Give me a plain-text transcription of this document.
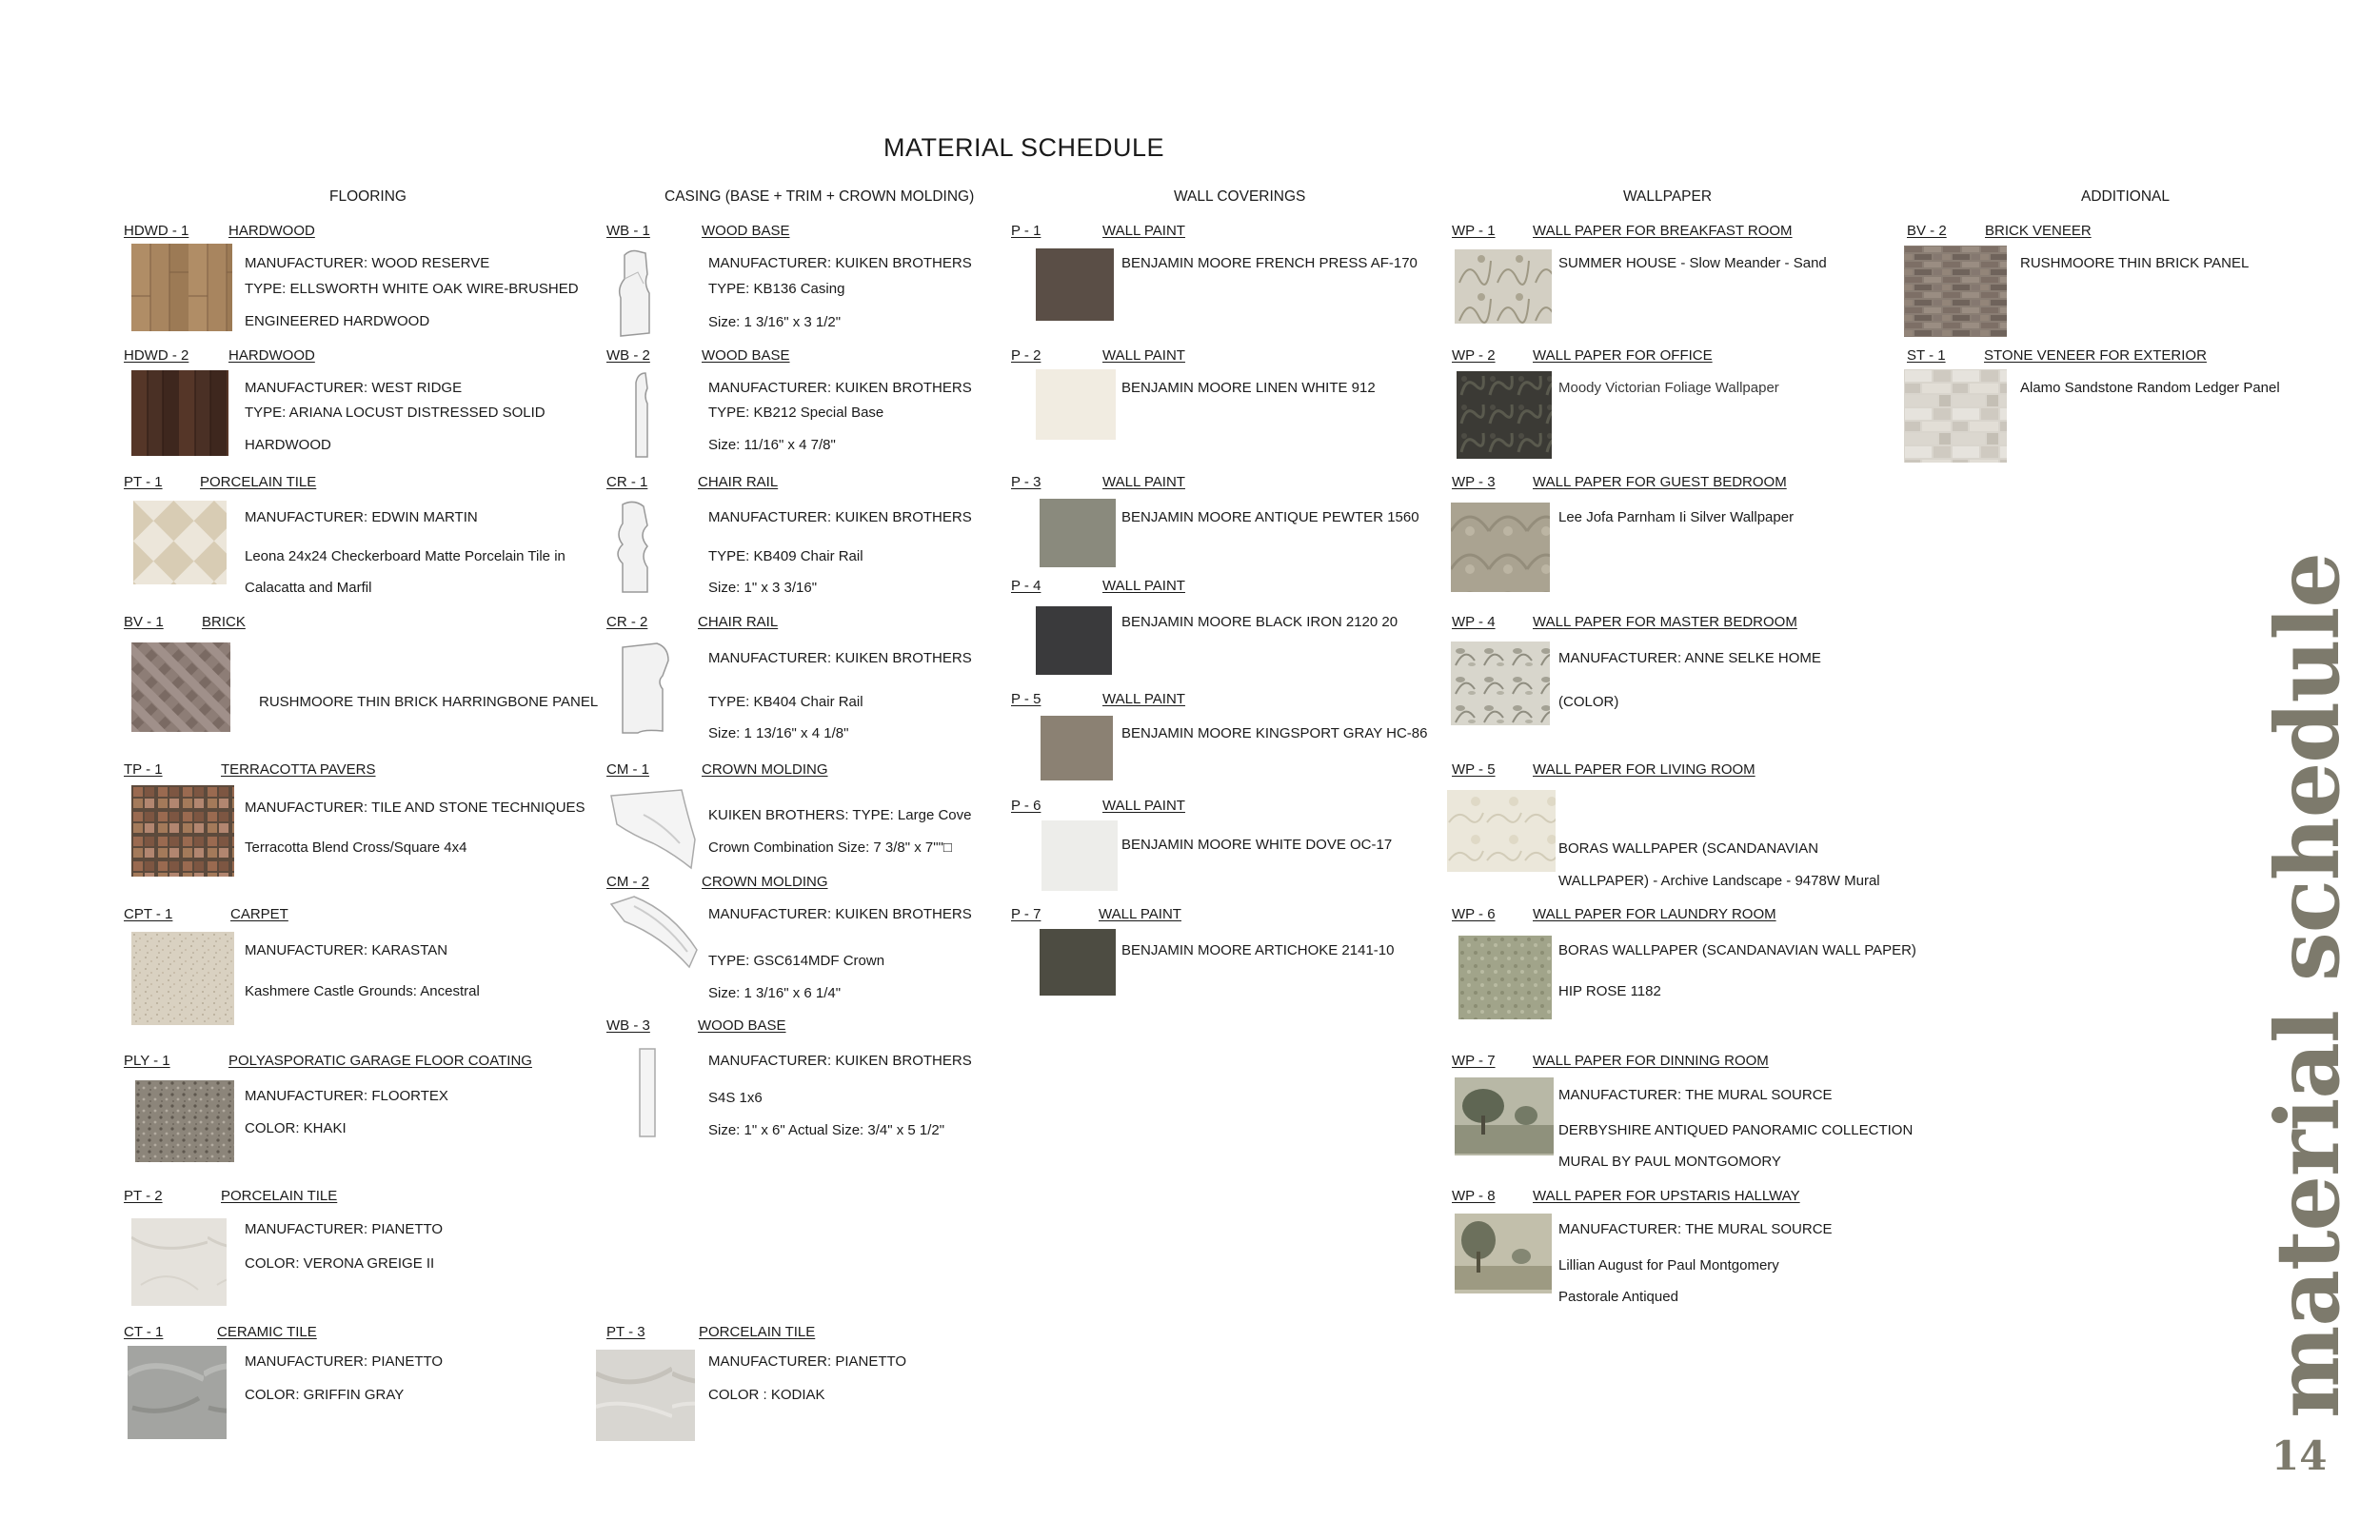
MATERIAL SCHEDULE
FLOORING	CASING (BASE + TRIM + CROWN MOLDING)	WALL COVERINGS	WALLPAPER	ADDITIONAL
HDWD - 1	HARDWOOD
MANUFACTURER: WOOD RESERVE
TYPE: ELLSWORTH WHITE OAK WIRE-BRUSHED
ENGINEERED HARDWOOD
HDWD - 2	HARDWOOD
MANUFACTURER: WEST RIDGE
TYPE: ARIANA LOCUST DISTRESSED SOLID
HARDWOOD
PT - 1	PORCELAIN TILE
MANUFACTURER: EDWIN MARTIN
Leona 24x24 Checkerboard Matte Porcelain Tile in
Calacatta and Marfil
BV - 1	BRICK
RUSHMOORE THIN BRICK HARRINGBONE PANEL
TP - 1	TERRACOTTA PAVERS
MANUFACTURER: TILE AND STONE TECHNIQUES
Terracotta Blend Cross/Square 4x4
CPT - 1	CARPET
MANUFACTURER: KARASTAN
Kashmere Castle Grounds: Ancestral
PLY - 1	POLYASPORATIC GARAGE FLOOR COATING
MANUFACTURER: FLOORTEX
COLOR: KHAKI
PT - 2	PORCELAIN TILE
MANUFACTURER: PIANETTO
COLOR: VERONA GREIGE II
CT - 1	CERAMIC TILE
MANUFACTURER: PIANETTO
COLOR: GRIFFIN GRAY
WB - 1	WOOD BASE
MANUFACTURER: KUIKEN BROTHERS
TYPE: KB136 Casing
Size: 1 3/16" x 3 1/2"
WB - 2	WOOD BASE
MANUFACTURER: KUIKEN BROTHERS
TYPE: KB212 Special Base
Size: 11/16" x 4 7/8"
CR - 1	CHAIR RAIL
MANUFACTURER: KUIKEN BROTHERS
TYPE: KB409 Chair Rail
Size: 1" x 3 3/16"
CR - 2	CHAIR RAIL
MANUFACTURER: KUIKEN BROTHERS
TYPE: KB404 Chair Rail
Size: 1 13/16" x 4 1/8"
CM - 1	CROWN MOLDING
KUIKEN BROTHERS: TYPE: Large Cove
Crown Combination Size: 7 3/8" x 7""□
CM - 2	CROWN MOLDING
MANUFACTURER: KUIKEN BROTHERS
TYPE: GSC614MDF Crown
Size: 1 3/16" x 6 1/4"
WB - 3	WOOD BASE
MANUFACTURER: KUIKEN BROTHERS
S4S 1x6
Size: 1" x 6" Actual Size: 3/4" x 5 1/2"
PT - 3	PORCELAIN TILE
MANUFACTURER: PIANETTO
COLOR : KODIAK
P - 1	WALL PAINT
BENJAMIN MOORE FRENCH PRESS AF-170
P - 2	WALL PAINT
BENJAMIN MOORE LINEN WHITE 912
P - 3	WALL PAINT
BENJAMIN MOORE ANTIQUE PEWTER 1560
P - 4	WALL PAINT
BENJAMIN MOORE BLACK IRON 2120 20
P - 5	WALL PAINT
BENJAMIN MOORE KINGSPORT GRAY HC-86
P - 6	WALL PAINT
BENJAMIN MOORE WHITE DOVE OC-17
P - 7	WALL PAINT
BENJAMIN MOORE ARTICHOKE 2141-10
WP - 1	WALL PAPER FOR BREAKFAST ROOM
SUMMER HOUSE - Slow Meander - Sand
WP - 2	WALL PAPER FOR OFFICE
Moody Victorian Foliage Wallpaper
WP - 3	WALL PAPER FOR GUEST BEDROOM
Lee Jofa Parnham Ii Silver Wallpaper
WP - 4	WALL PAPER FOR MASTER BEDROOM
MANUFACTURER: ANNE SELKE HOME
(COLOR)
WP - 5	WALL PAPER FOR LIVING ROOM
BORAS WALLPAPER (SCANDANAVIAN
WALLPAPER) - Archive Landscape - 9478W Mural
WP - 6	WALL PAPER FOR LAUNDRY ROOM
BORAS WALLPAPER (SCANDANAVIAN WALL PAPER)
HIP ROSE 1182
WP - 7	WALL PAPER FOR DINNING ROOM
MANUFACTURER: THE MURAL SOURCE
DERBYSHIRE ANTIQUED PANORAMIC COLLECTION
MURAL BY PAUL MONTGOMORY
WP - 8	WALL PAPER FOR UPSTARIS HALLWAY
MANUFACTURER: THE MURAL SOURCE
Lillian August for Paul Montgomery
Pastorale Antiqued
BV - 2	BRICK VENEER
RUSHMOORE THIN BRICK PANEL
ST - 1	STONE VENEER FOR EXTERIOR
Alamo Sandstone Random Ledger Panel
material schedule
14
